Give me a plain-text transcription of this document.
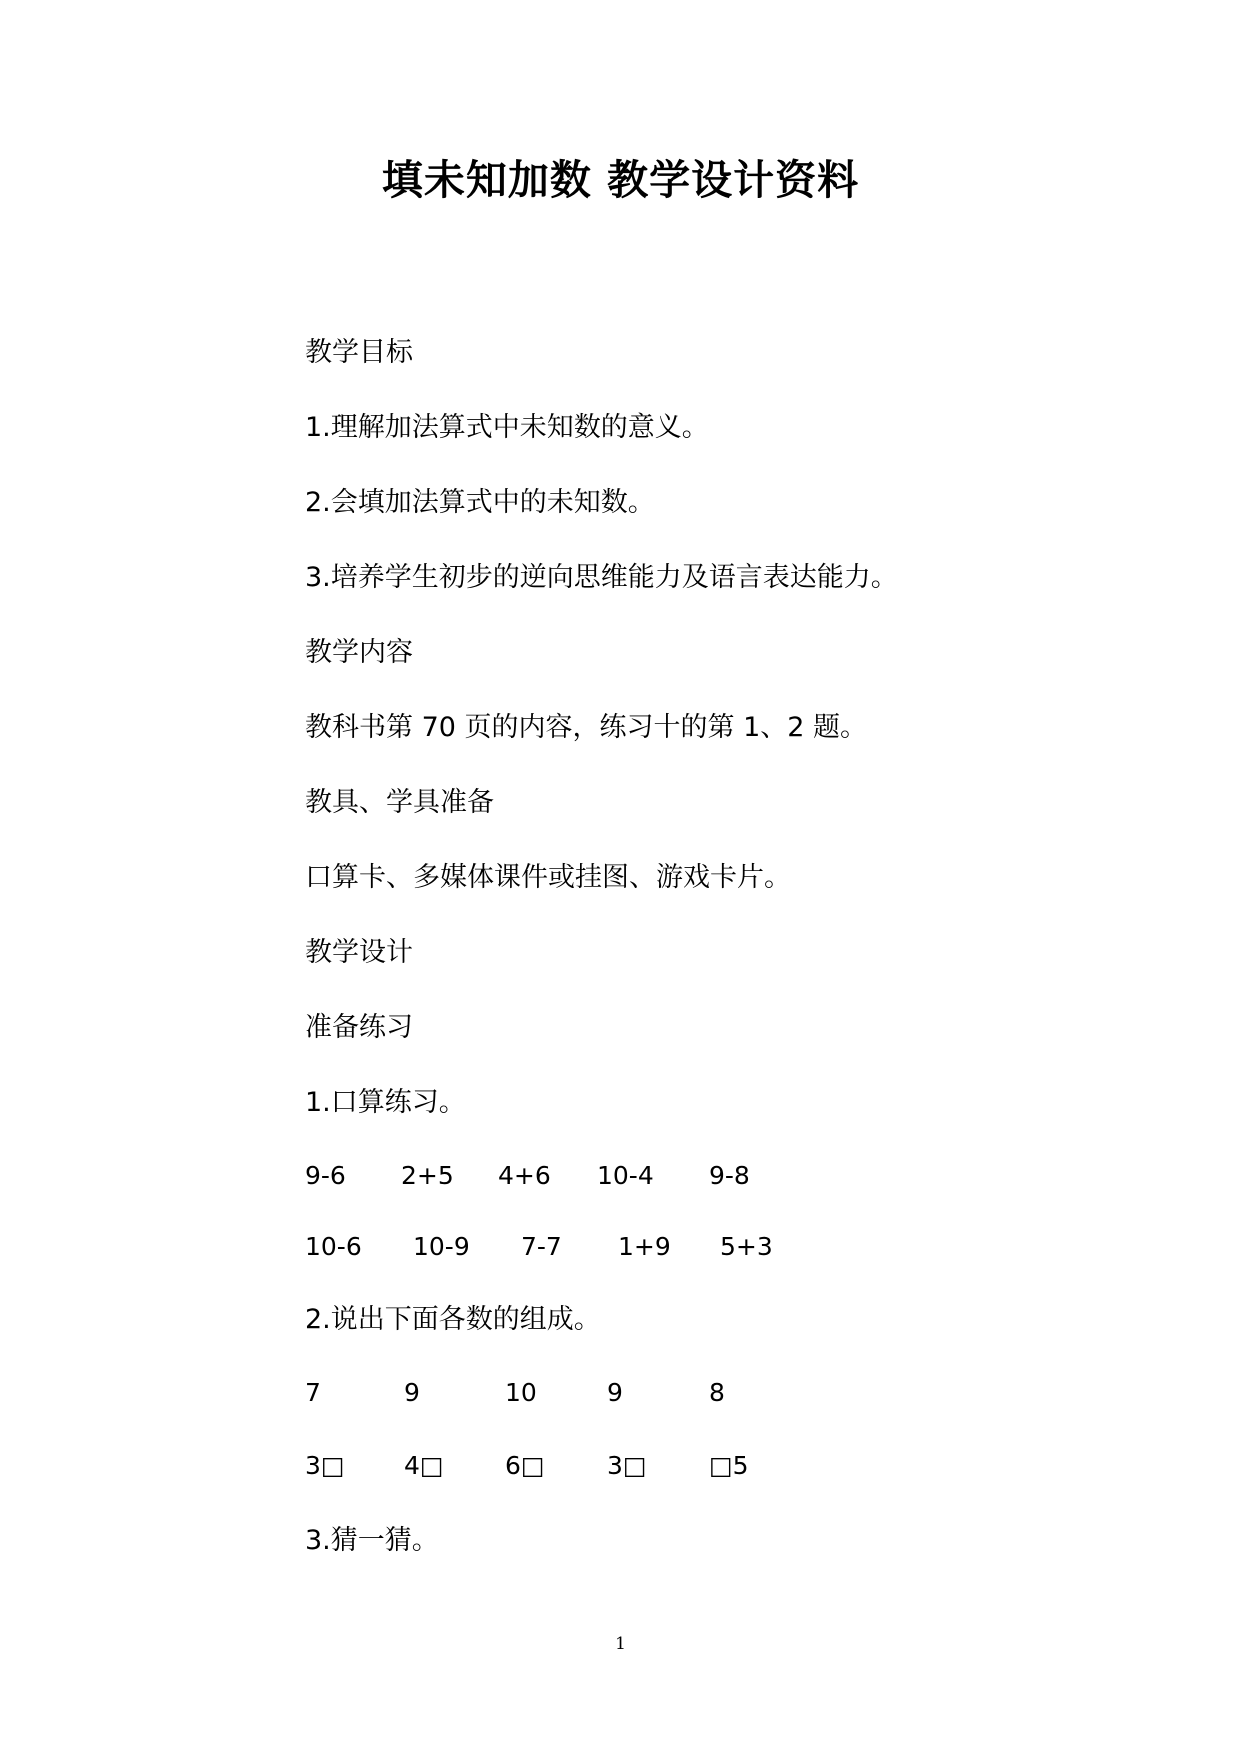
填未知加数 教学设计资料
教学目标
1.理解加法算式中未知数的意义。
2.会填加法算式中的未知数。
3.培养学生初步的逆向思维能力及语言表达能力。
教学内容
教科书第 70 页的内容，练习十的第 1、2 题。
教具、学具准备
口算卡、多媒体课件或挂图、游戏卡片。
教学设计
准备练习
1.口算练习。
9-6 2+5 4+6 10-4 9-8
10-6 10-9 7-7 1+9 5+3
2.说出下面各数的组成。
7	9	10	9	8
3□ 4□ 6□ 3□ □5
3.猜一猜。
1
